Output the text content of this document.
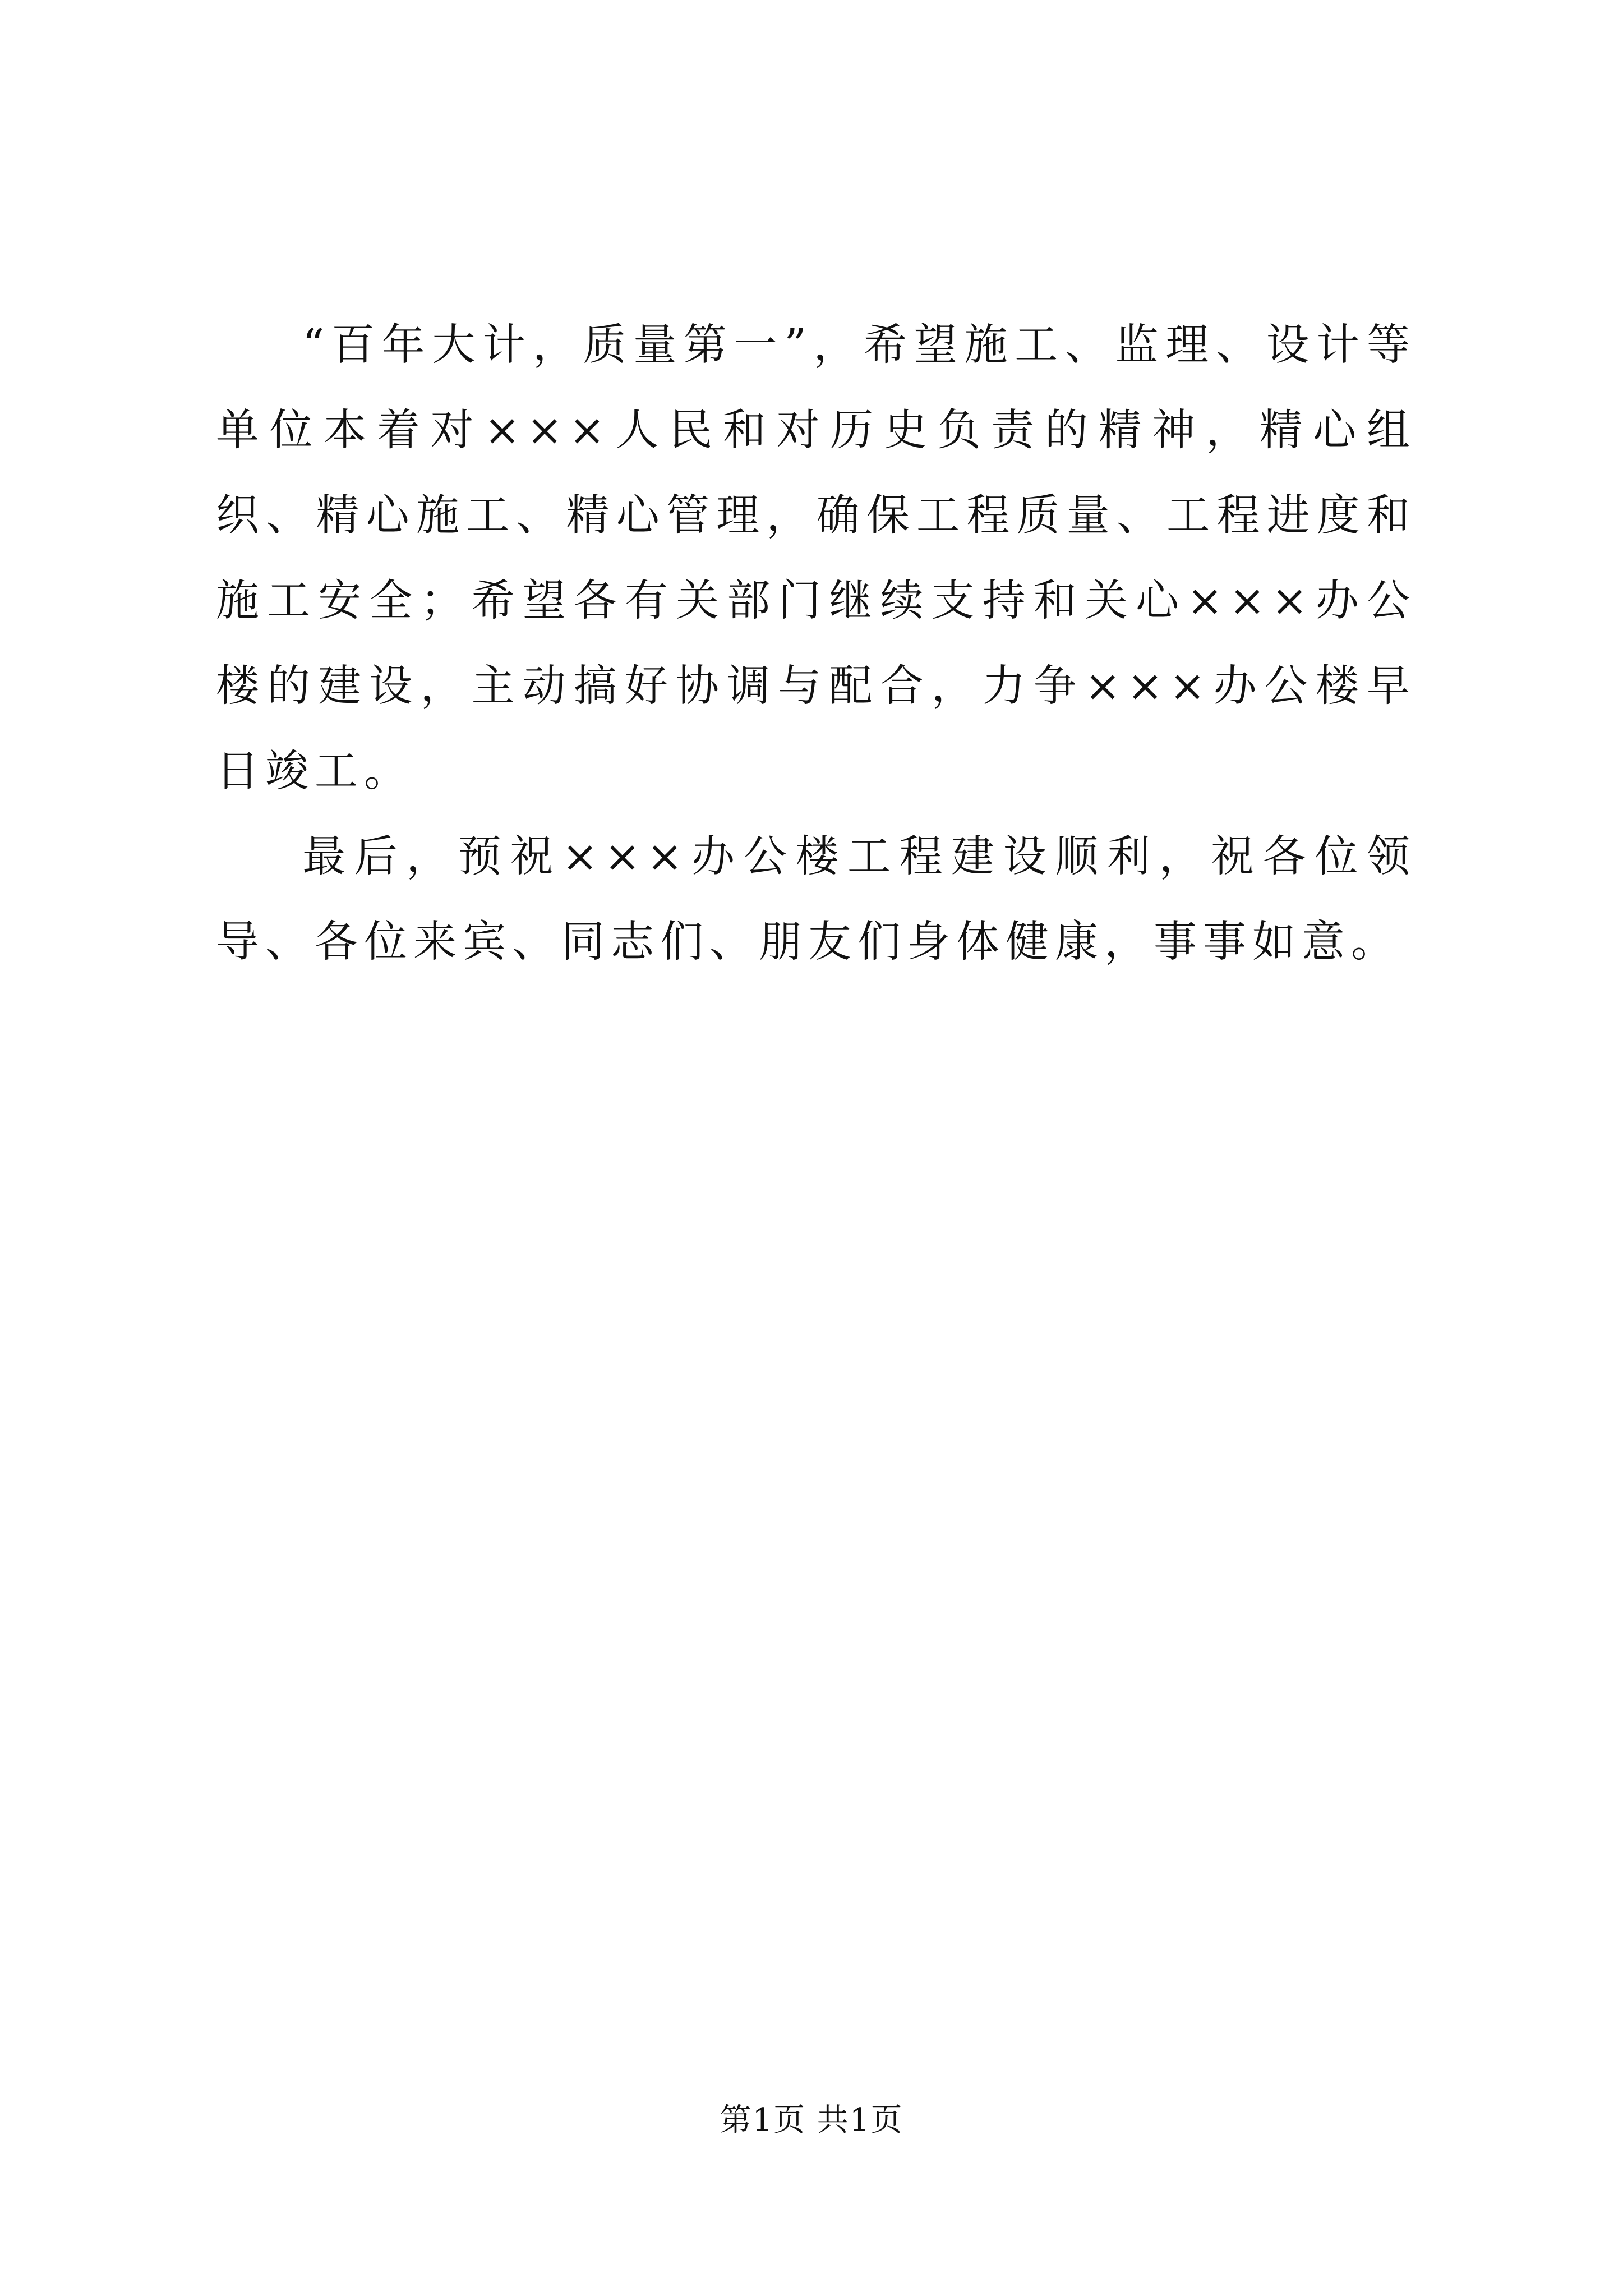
“百年大计，质量第一”，希望施工、监理、设计等单位本着对×××人民和对历史负责的精神，精心组织、精心施工、精心管理，确保工程质量、工程进度和施工安全；希望各有关部门继续支持和关心×××办公楼的建设，主动搞好协调与配合，力争×××办公楼早日竣工。

最后，预祝×××办公楼工程建设顺利，祝各位领导、各位来宾、同志们、朋友们身体健康，事事如意。

第1页 共1页
